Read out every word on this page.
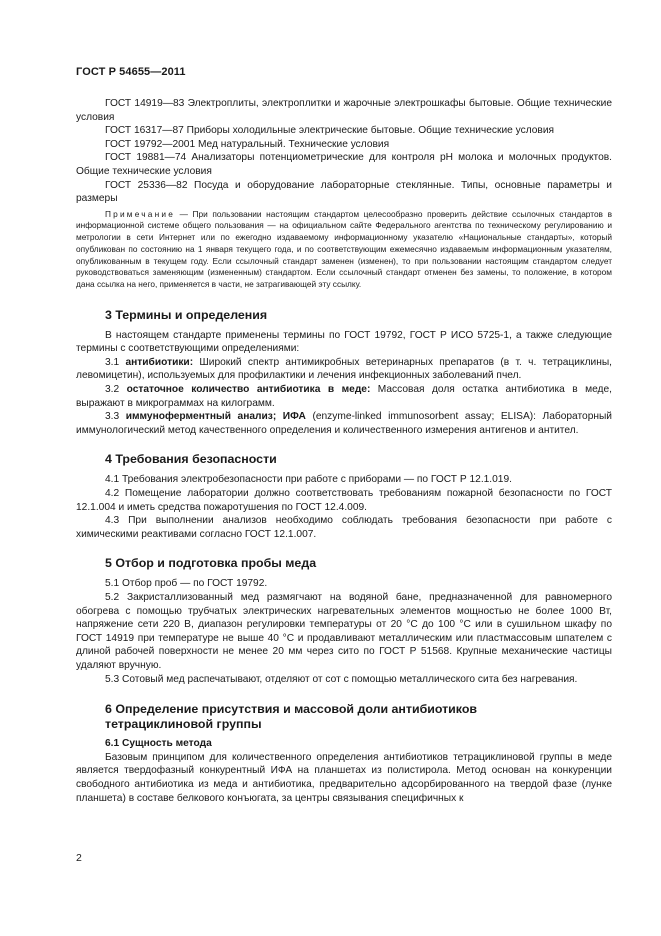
ГОСТ Р 54655—2011

ГОСТ 14919—83 Электроплиты, электроплитки и жарочные электрошкафы бытовые. Общие технические условия

ГОСТ 16317—87 Приборы холодильные электрические бытовые. Общие технические условия

ГОСТ 19792—2001 Мед натуральный. Технические условия

ГОСТ 19881—74 Анализаторы потенциометрические для контроля рН молока и молочных продуктов. Общие технические условия

ГОСТ 25336—82 Посуда и оборудование лабораторные стеклянные. Типы, основные параметры и размеры

Примечание — При пользовании настоящим стандартом целесообразно проверить действие ссылочных стандартов в информационной системе общего пользования — на официальном сайте Федерального агентства по техническому регулированию и метрологии в сети Интернет или по ежегодно издаваемому информационному указателю «Национальные стандарты», который опубликован по состоянию на 1 января текущего года, и по соответствующим ежемесячно издаваемым информационным указателям, опубликованным в текущем году. Если ссылочный стандарт заменен (изменен), то при пользовании настоящим стандартом следует руководствоваться заменяющим (измененным) стандартом. Если ссылочный стандарт отменен без замены, то положение, в котором дана ссылка на него, применяется в части, не затрагивающей эту ссылку.

3 Термины и определения

В настоящем стандарте применены термины по ГОСТ 19792, ГОСТ Р ИСО 5725-1, а также следующие термины с соответствующими определениями:

3.1 антибиотики: Широкий спектр антимикробных ветеринарных препаратов (в т. ч. тетрациклины, левомицетин), используемых для профилактики и лечения инфекционных заболеваний пчел.

3.2 остаточное количество антибиотика в меде: Массовая доля остатка антибиотика в меде, выражают в микрограммах на килограмм.

3.3 иммуноферментный анализ; ИФА (enzyme-linked immunosorbent assay; ELISA): Лабораторный иммунологический метод качественного определения и количественного измерения антигенов и антител.

4 Требования безопасности

4.1 Требования электробезопасности при работе с приборами — по ГОСТ Р 12.1.019.

4.2 Помещение лаборатории должно соответствовать требованиям пожарной безопасности по ГОСТ 12.1.004 и иметь средства пожаротушения по ГОСТ 12.4.009.

4.3 При выполнении анализов необходимо соблюдать требования безопасности при работе с химическими реактивами согласно ГОСТ 12.1.007.

5 Отбор и подготовка пробы меда

5.1 Отбор проб — по ГОСТ 19792.

5.2 Закристаллизованный мед размягчают на водяной бане, предназначенной для равномерного обогрева с помощью трубчатых электрических нагревательных элементов мощностью не более 1000 Вт, напряжение сети 220 В, диапазон регулировки температуры от 20 °С до 100 °С или в сушильном шкафу по ГОСТ 14919 при температуре не выше 40 °С и продавливают металлическим или пластмассовым шпателем с длиной рабочей поверхности не менее 20 мм через сито по ГОСТ Р 51568. Крупные механические частицы удаляют вручную.

5.3 Сотовый мед распечатывают, отделяют от сот с помощью металлического сита без нагревания.

6 Определение присутствия и массовой доли антибиотиков
тетрациклиновой группы
6.1 Сущность метода

Базовым принципом для количественного определения антибиотиков тетрациклиновой группы в меде является твердофазный конкурентный ИФА на планшетах из полистирола. Метод основан на конкуренции свободного антибиотика из меда и антибиотика, предварительно адсорбированного на твердой фазе (лунке планшета) в составе белкового конъюгата, за центры связывания специфичных к

2
